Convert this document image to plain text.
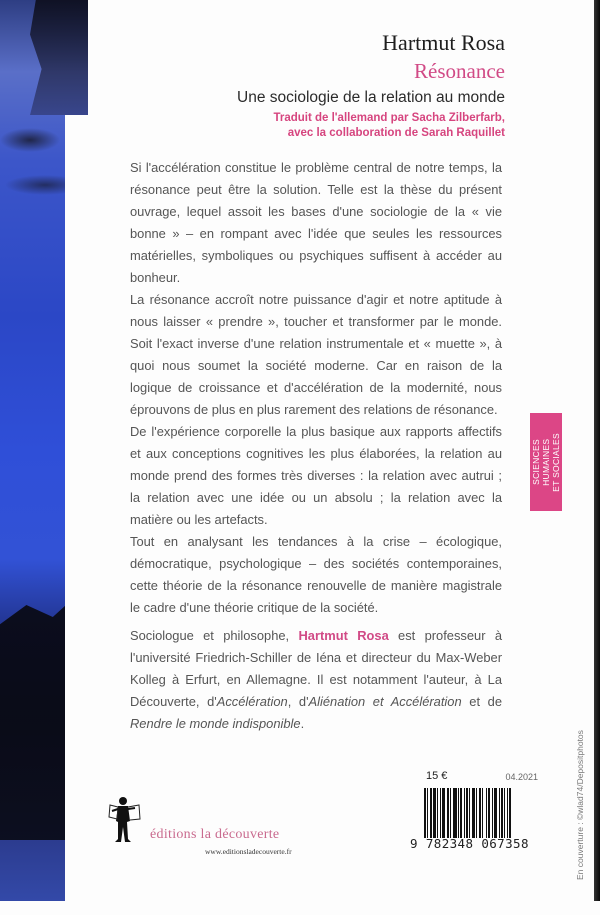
Hartmut Rosa
Résonance
Une sociologie de la relation au monde
Traduit de l'allemand par Sacha Zilberfarb,
avec la collaboration de Sarah Raquillet

Si l'accélération constitue le problème central de notre temps, la résonance peut être la solution. Telle est la thèse du présent ouvrage, lequel assoit les bases d'une sociologie de la « vie bonne » – en rompant avec l'idée que seules les ressources matérielles, symboliques ou psychiques suffisent à accéder au bonheur.

La résonance accroît notre puissance d'agir et notre aptitude à nous laisser « prendre », toucher et transformer par le monde. Soit l'exact inverse d'une relation instrumentale et « muette », à quoi nous soumet la société moderne. Car en raison de la logique de croissance et d'accélération de la modernité, nous éprouvons de plus en plus rarement des relations de résonance.

De l'expérience corporelle la plus basique aux rapports affectifs et aux conceptions cognitives les plus élaborées, la relation au monde prend des formes très diverses : la relation avec autrui ; la relation avec une idée ou un absolu ; la relation avec la matière ou les artefacts.

Tout en analysant les tendances à la crise – écologique, démocratique, psychologique – des sociétés contemporaines, cette théorie de la résonance renouvelle de manière magistrale le cadre d'une théorie critique de la société.

SCIENCES
HUMAINES
ET SOCIALES
Sociologue et philosophe, Hartmut Rosa est professeur à l'université Friedrich-Schiller de Iéna et directeur du Max-Weber Kolleg à Erfurt, en Allemagne. Il est notamment l'auteur, à La Découverte, d'Accélération, d'Aliénation et Accélération et de Rendre le monde indisponible.
éditions la découverte
www.editionsladecouverte.fr
15 €	04.2021
9 782348 067358	En couverture : ©wlad74/Depositphotos
